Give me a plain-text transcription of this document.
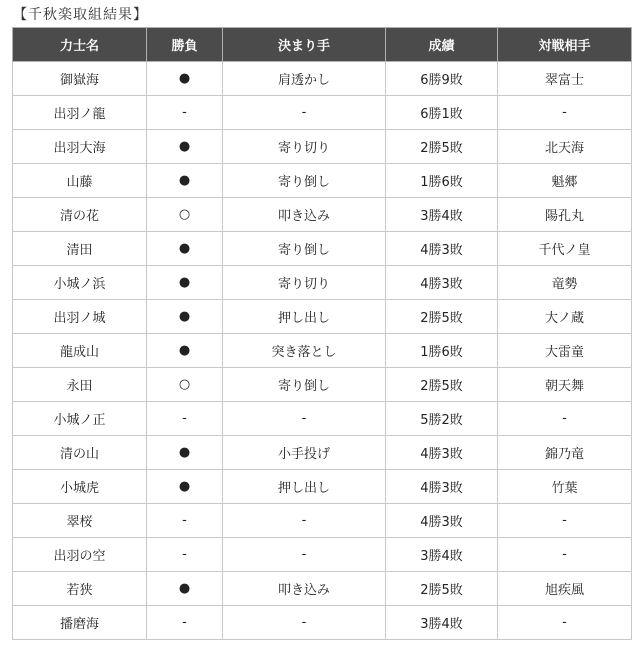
【千秋楽取組結果】
力士名	勝負	決まり手	成績	対戦相手
御嶽海	●	肩透かし	6勝9敗	翠富士
出羽ノ龍	-	-	6勝1敗	-
出羽大海	●	寄り切り	2勝5敗	北天海
山藤	●	寄り倒し	1勝6敗	魁郷
清の花	○	叩き込み	3勝4敗	陽孔丸
清田	●	寄り倒し	4勝3敗	千代ノ皇
小城ノ浜	●	寄り切り	4勝3敗	竜勢
出羽ノ城	●	押し出し	2勝5敗	大ノ蔵
龍成山	●	突き落とし	1勝6敗	大雷童
永田	○	寄り倒し	2勝5敗	朝天舞
小城ノ正	-	-	5勝2敗	-
清の山	●	小手投げ	4勝3敗	錦乃竜
小城虎	●	押し出し	4勝3敗	竹葉
翠桜	-	-	4勝3敗	-
出羽の空	-	-	3勝4敗	-
若狭	●	叩き込み	2勝5敗	旭疾風
播磨海	-	-	3勝4敗	-
